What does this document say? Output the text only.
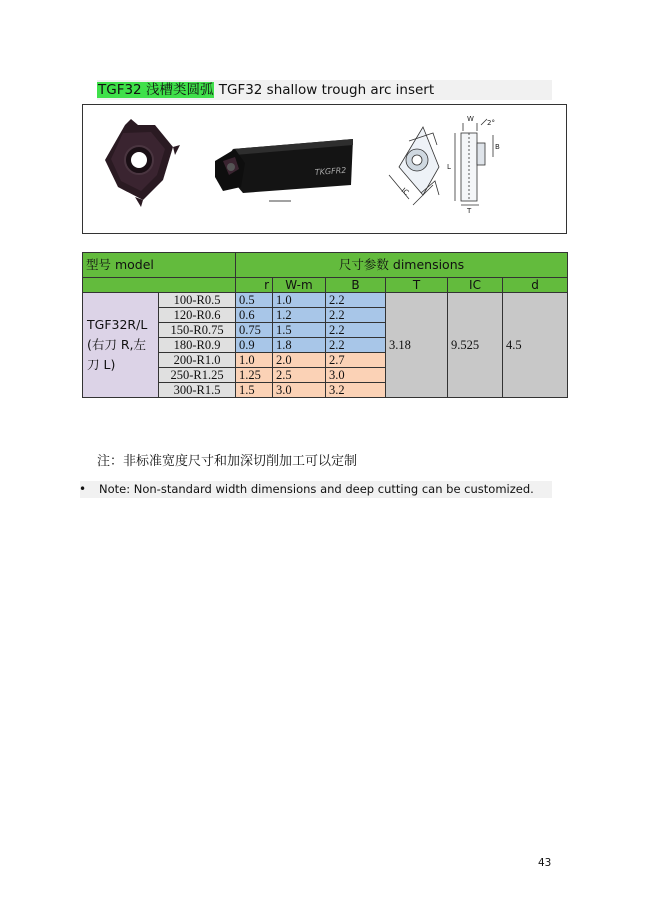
TGF32 浅槽类圆弧 TGF32 shallow trough arc insert
TKGFR2
W 2°
L
B
IC
T
型号 model		尺寸参数 dimensions					
		r	W-m	B	T	IC	d
TGF32R/L (右刀 R,左刀 L)	100-R0.5	0.5	1.0	2.2	3.18	9.525	4.5
	120-R0.6	0.6	1.2	2.2			
	150-R0.75	0.75	1.5	2.2			
	180-R0.9	0.9	1.8	2.2			
	200-R1.0	1.0	2.0	2.7			
	250-R1.25	1.25	2.5	3.0			
	300-R1.5	1.5	3.0	3.2			
注：非标准宽度尺寸和加深切削加工可以定制
• Note: Non-standard width dimensions and deep cutting can be customized.
43
